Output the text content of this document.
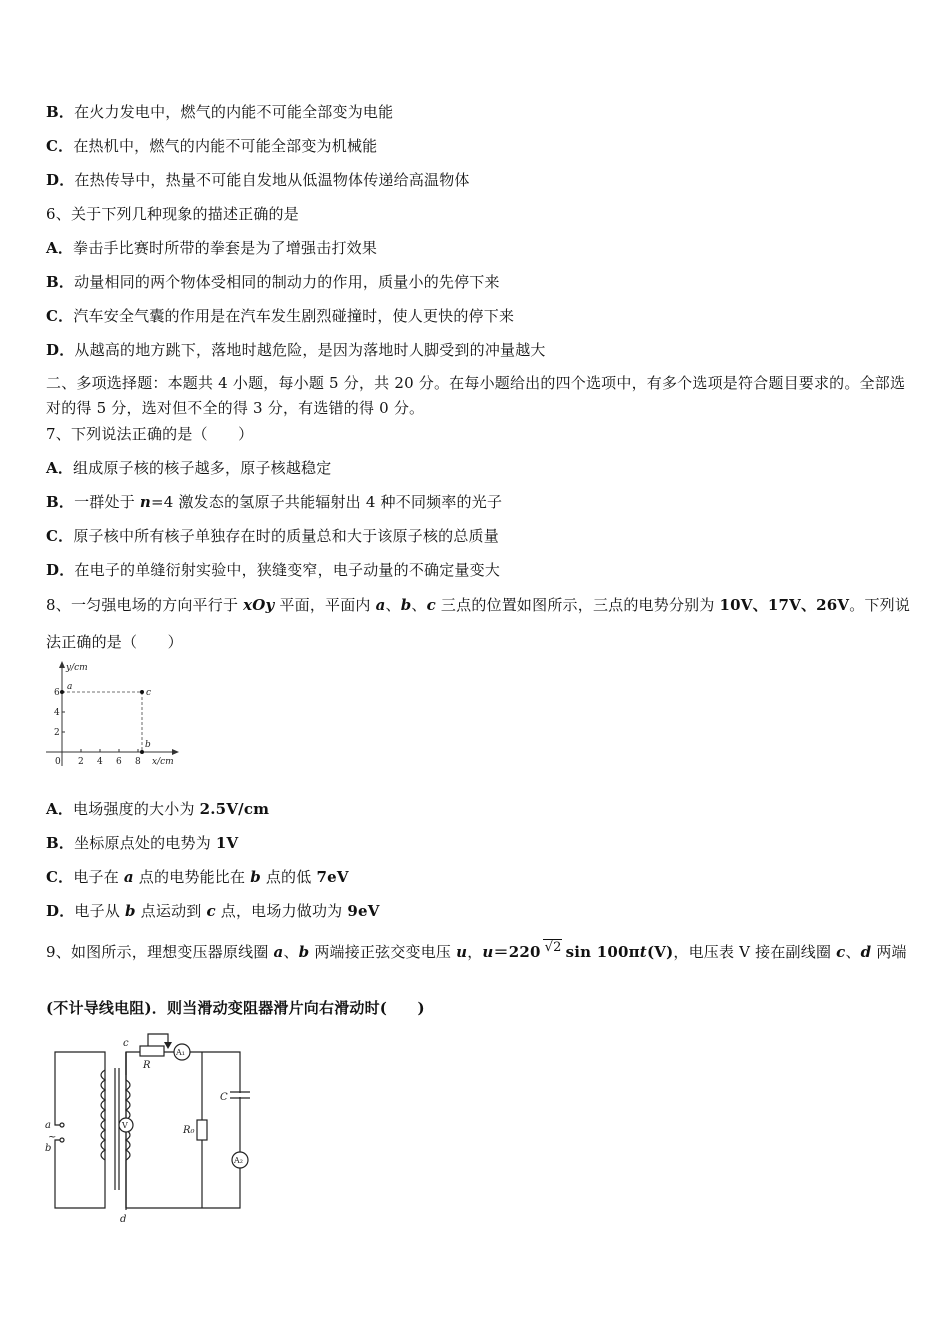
B．在火力发电中，燃气的内能不可能全部变为电能
C．在热机中，燃气的内能不可能全部变为机械能
D．在热传导中，热量不可能自发地从低温物体传递给高温物体
6、关于下列几种现象的描述正确的是
A．拳击手比赛时所带的拳套是为了增强击打效果
B．动量相同的两个物体受相同的制动力的作用，质量小的先停下来
C．汽车安全气囊的作用是在汽车发生剧烈碰撞时，使人更快的停下来
D．从越高的地方跳下，落地时越危险，是因为落地时人脚受到的冲量越大
二、多项选择题：本题共 4 小题，每小题 5 分，共 20 分。在每小题给出的四个选项中，有多个选项是符合题目要求的。全部选对的得 5 分，选对但不全的得 3 分，有选错的得 0 分。
7、下列说法正确的是（　　）
A．组成原子核的核子越多，原子核越稳定
B．一群处于 n=4 激发态的氢原子共能辐射出 4 种不同频率的光子
C．原子核中所有核子单独存在时的质量总和大于该原子核的总质量
D．在电子的单缝衍射实验中，狭缝变窄，电子动量的不确定量变大
8、一匀强电场的方向平行于 xOy 平面，平面内 a、b、c 三点的位置如图所示，三点的电势分别为 10V、17V、26V。下列说
法正确的是（　　）
y/cm
x/cm
0
6
4
2
2 4 6 8
a
c
b
A．电场强度的大小为 2.5V/cm
B．坐标原点处的电势为 1V
C．电子在 a 点的电势能比在 b 点的低 7eV
D．电子从 b 点运动到 c 点，电场力做功为 9eV
9、如图所示，理想变压器原线圈 a、b 两端接正弦交变电压 u，u＝220 √2 sin 100πt(V)，电压表 V 接在副线圈 c、d 两端
(不计导线电阻)．则当滑动变阻器滑片向右滑动时(　　)
a
b
~
c
d
R
C
R₀
A₁
A₂
V
